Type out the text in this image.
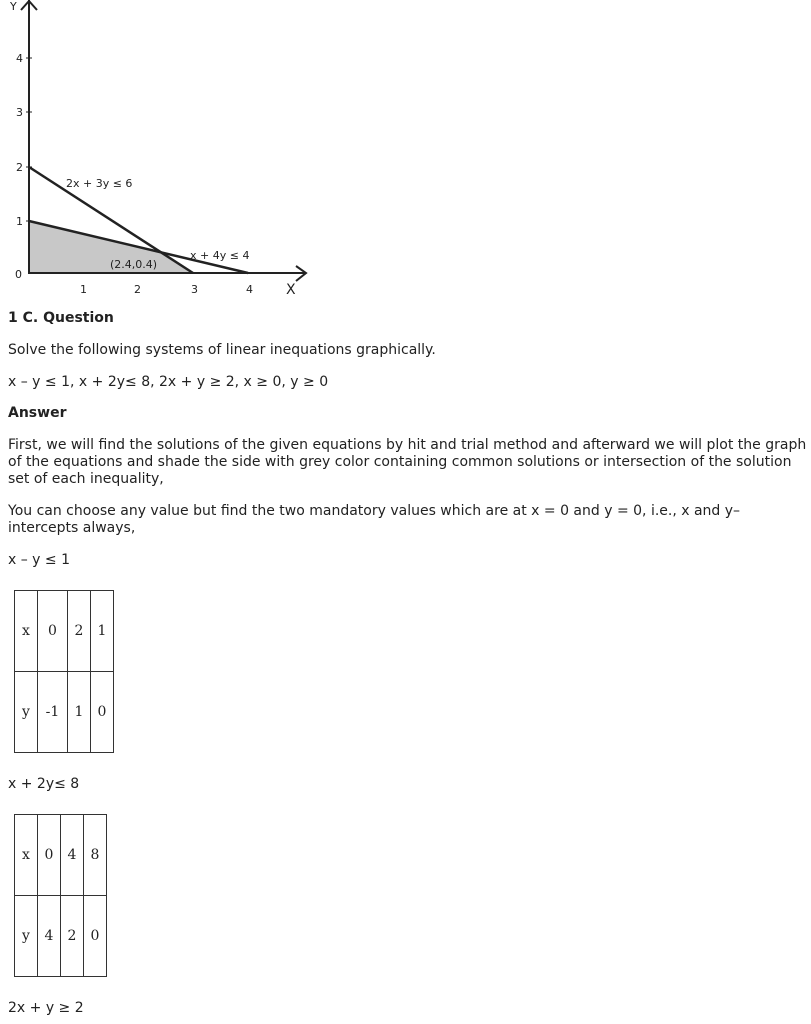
Y
X
0
1
2
3
4
1	2	3	4
2x + 3y ≤ 6
x + 4y ≤ 4
(2.4,0.4)

1 C. Question

Solve the following systems of linear inequations graphically.

x – y ≤ 1, x + 2y≤ 8, 2x + y ≥ 2, x ≥ 0, y ≥ 0

Answer

First, we will find the solutions of the given equations by hit and trial method and afterward we will plot the graph of the equations and shade the side with grey color containing common solutions or intersection of the solution set of each inequality,

You can choose any value but find the two mandatory values which are at x = 0 and y = 0, i.e., x and y– intercepts always,

x – y ≤ 1

x	0	2	1
y	-1	1	0

x + 2y≤ 8

x	0	4	8
y	4	2	0

2x + y ≥ 2
